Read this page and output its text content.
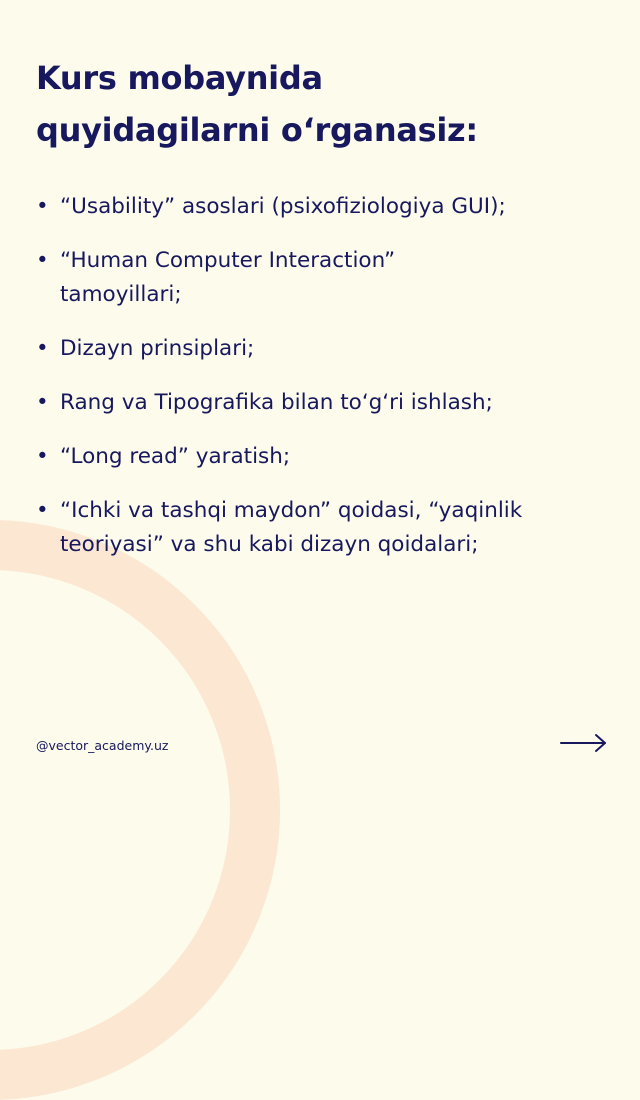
Kurs mobaynida
quyidagilarni o‘rganasiz:
• “Usability” asoslari (psixofiziologiya GUI);
• “Human Computer Interaction”
tamoyillari;
• Dizayn prinsiplari;
• Rang va Tipografika bilan to‘g‘ri ishlash;
• “Long read” yaratish;
• “Ichki va tashqi maydon” qoidasi, “yaqinlik
teoriyasi” va shu kabi dizayn qoidalari;
@vector_academy.uz
